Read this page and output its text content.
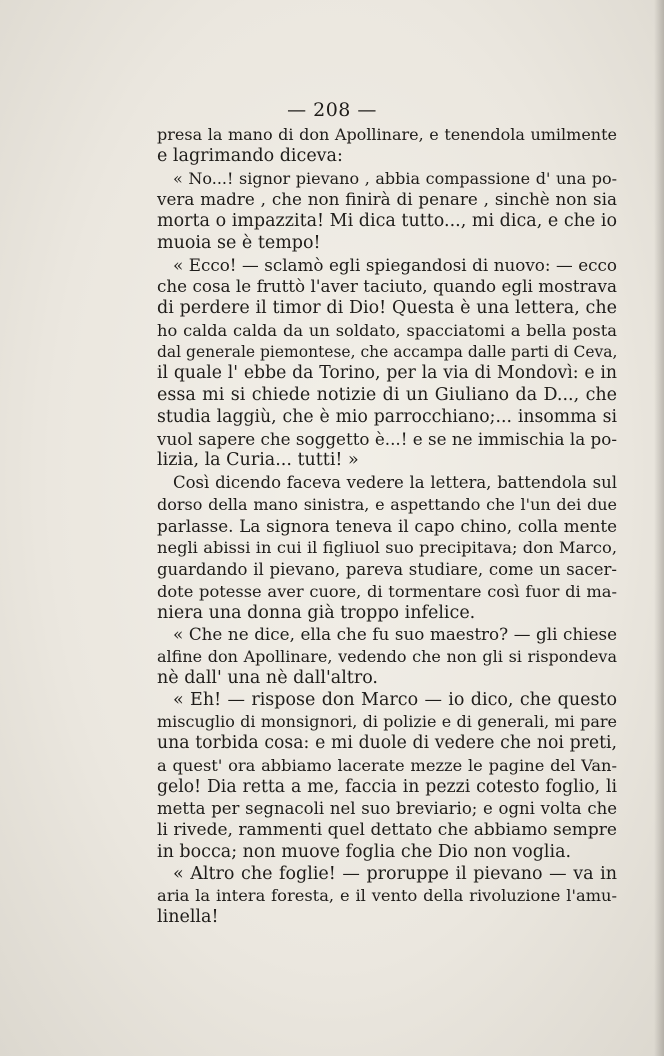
— 208 —
presa la mano di don Apollinare, e tenendola umilmente
e lagrimando diceva:
« No...! signor pievano , abbia compassione d' una po-
vera madre , che non finirà di penare , sinchè non sia
morta o impazzita! Mi dica tutto..., mi dica, e che io
muoia se è tempo!
« Ecco! — sclamò egli spiegandosi di nuovo: — ecco
che cosa le fruttò l'aver taciuto, quando egli mostrava
di perdere il timor di Dio! Questa è una lettera, che
ho calda calda da un soldato, spacciatomi a bella posta
dal generale piemontese, che accampa dalle parti di Ceva,
il quale l' ebbe da Torino, per la via di Mondovì: e in
essa mi si chiede notizie di un Giuliano da D..., che
studia laggiù, che è mio parrocchiano;... insomma si
vuol sapere che soggetto è...! e se ne immischia la po-
lizia, la Curia... tutti! »
Così dicendo faceva vedere la lettera, battendola sul
dorso della mano sinistra, e aspettando che l'un dei due
parlasse. La signora teneva il capo chino, colla mente
negli abissi in cui il figliuol suo precipitava; don Marco,
guardando il pievano, pareva studiare, come un sacer-
dote potesse aver cuore, di tormentare così fuor di ma-
niera una donna già troppo infelice.
« Che ne dice, ella che fu suo maestro? — gli chiese
alfine don Apollinare, vedendo che non gli si rispondeva
nè dall' una nè dall'altro.
« Eh! — rispose don Marco — io dico, che questo
miscuglio di monsignori, di polizie e di generali, mi pare
una torbida cosa: e mi duole di vedere che noi preti,
a quest' ora abbiamo lacerate mezze le pagine del Van-
gelo! Dia retta a me, faccia in pezzi cotesto foglio, li
metta per segnacoli nel suo breviario; e ogni volta che
li rivede, rammenti quel dettato che abbiamo sempre
in bocca; non muove foglia che Dio non voglia.
« Altro che foglie! — proruppe il pievano — va in
aria la intera foresta, e il vento della rivoluzione l'amu-
linella!
